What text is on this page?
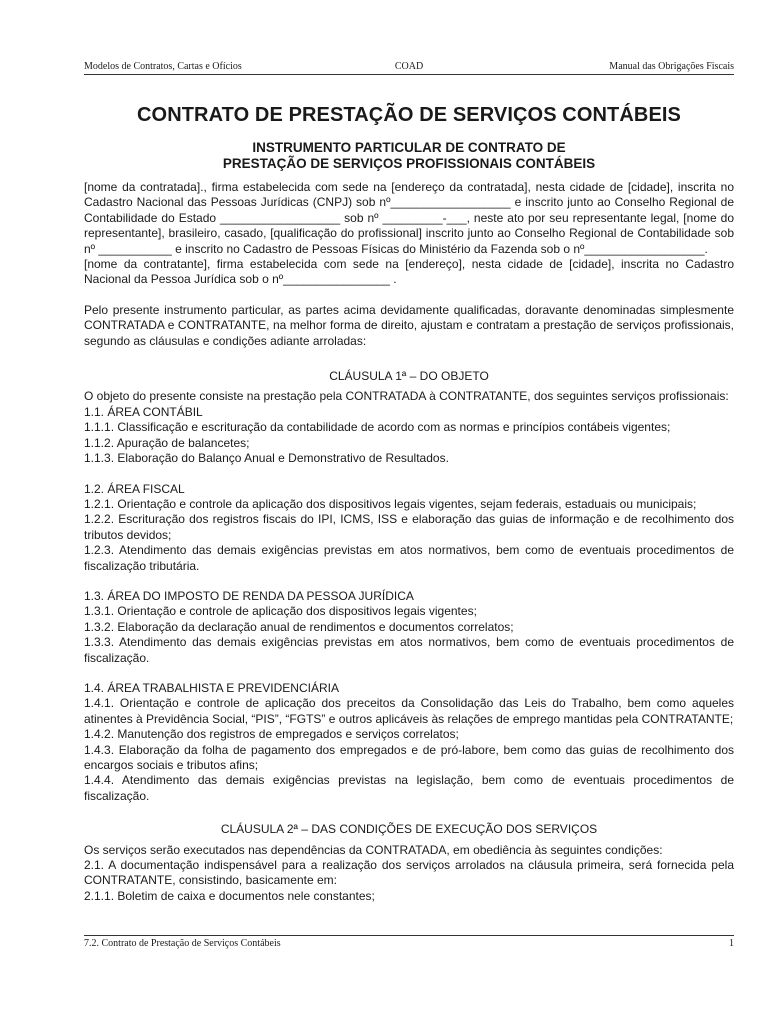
Modelos de Contratos, Cartas e Ofícios	COAD	Manual das Obrigações Fiscais
CONTRATO DE PRESTAÇÃO DE SERVIÇOS CONTÁBEIS
INSTRUMENTO PARTICULAR DE CONTRATO DE
PRESTAÇÃO DE SERVIÇOS PROFISSIONAIS CONTÁBEIS

[nome da contratada]., firma estabelecida com sede na [endereço da contratada], nesta cidade de [cidade], inscrita no Cadastro Nacional das Pessoas Jurídicas (CNPJ) sob nº__________________ e inscrito junto ao Conselho Regional de Contabilidade do Estado __________________ sob nº _________-___, neste ato por seu representante legal, [nome do representante], brasileiro, casado, [qualificação do profissional] inscrito junto ao Conselho Regional de Contabilidade sob nº ___________ e inscrito no Cadastro de Pessoas Físicas do Ministério da Fazenda sob o nº__________________.

[nome da contratante], firma estabelecida com sede na [endereço], nesta cidade de [cidade], inscrita no Cadastro Nacional da Pessoa Jurídica sob o nº________________ .

Pelo presente instrumento particular, as partes acima devidamente qualificadas, doravante denominadas simplesmente CONTRATADA e CONTRATANTE, na melhor forma de direito, ajustam e contratam a prestação de serviços profissionais, segundo as cláusulas e condições adiante arroladas:

CLÁUSULA 1ª – DO OBJETO

O objeto do presente consiste na prestação pela CONTRATADA à CONTRATANTE, dos seguintes serviços profissionais:

1.1. ÁREA CONTÁBIL
1.1.1. Classificação e escrituração da contabilidade de acordo com as normas e princípios contábeis vigentes;
1.1.2. Apuração de balancetes;
1.1.3. Elaboração do Balanço Anual e Demonstrativo de Resultados.

1.2. ÁREA FISCAL
1.2.1. Orientação e controle da aplicação dos dispositivos legais vigentes, sejam federais, estaduais ou municipais;
1.2.2. Escrituração dos registros fiscais do IPI, ICMS, ISS e elaboração das guias de informação e de recolhimento dos tributos devidos;
1.2.3. Atendimento das demais exigências previstas em atos normativos, bem como de eventuais procedimentos de fiscalização tributária.

1.3. ÁREA DO IMPOSTO DE RENDA DA PESSOA JURÍDICA
1.3.1. Orientação e controle de aplicação dos dispositivos legais vigentes;
1.3.2. Elaboração da declaração anual de rendimentos e documentos correlatos;
1.3.3. Atendimento das demais exigências previstas em atos normativos, bem como de eventuais procedimentos de fiscalização.

1.4. ÁREA TRABALHISTA E PREVIDENCIÁRIA
1.4.1. Orientação e controle de aplicação dos preceitos da Consolidação das Leis do Trabalho, bem como aqueles atinentes à Previdência Social, “PIS”, “FGTS” e outros aplicáveis às relações de emprego mantidas pela CONTRATANTE;
1.4.2. Manutenção dos registros de empregados e serviços correlatos;
1.4.3. Elaboração da folha de pagamento dos empregados e de pró-labore, bem como das guias de recolhimento dos encargos sociais e tributos afins;
1.4.4. Atendimento das demais exigências previstas na legislação, bem como de eventuais procedimentos de fiscalização.

CLÁUSULA 2ª – DAS CONDIÇÕES DE EXECUÇÃO DOS SERVIÇOS

Os serviços serão executados nas dependências da CONTRATADA, em obediência às seguintes condições:
2.1. A documentação indispensável para a realização dos serviços arrolados na cláusula primeira, será fornecida pela CONTRATANTE, consistindo, basicamente em:
2.1.1. Boletim de caixa e documentos nele constantes;

7.2. Contrato de Prestação de Serviços Contábeis	1
